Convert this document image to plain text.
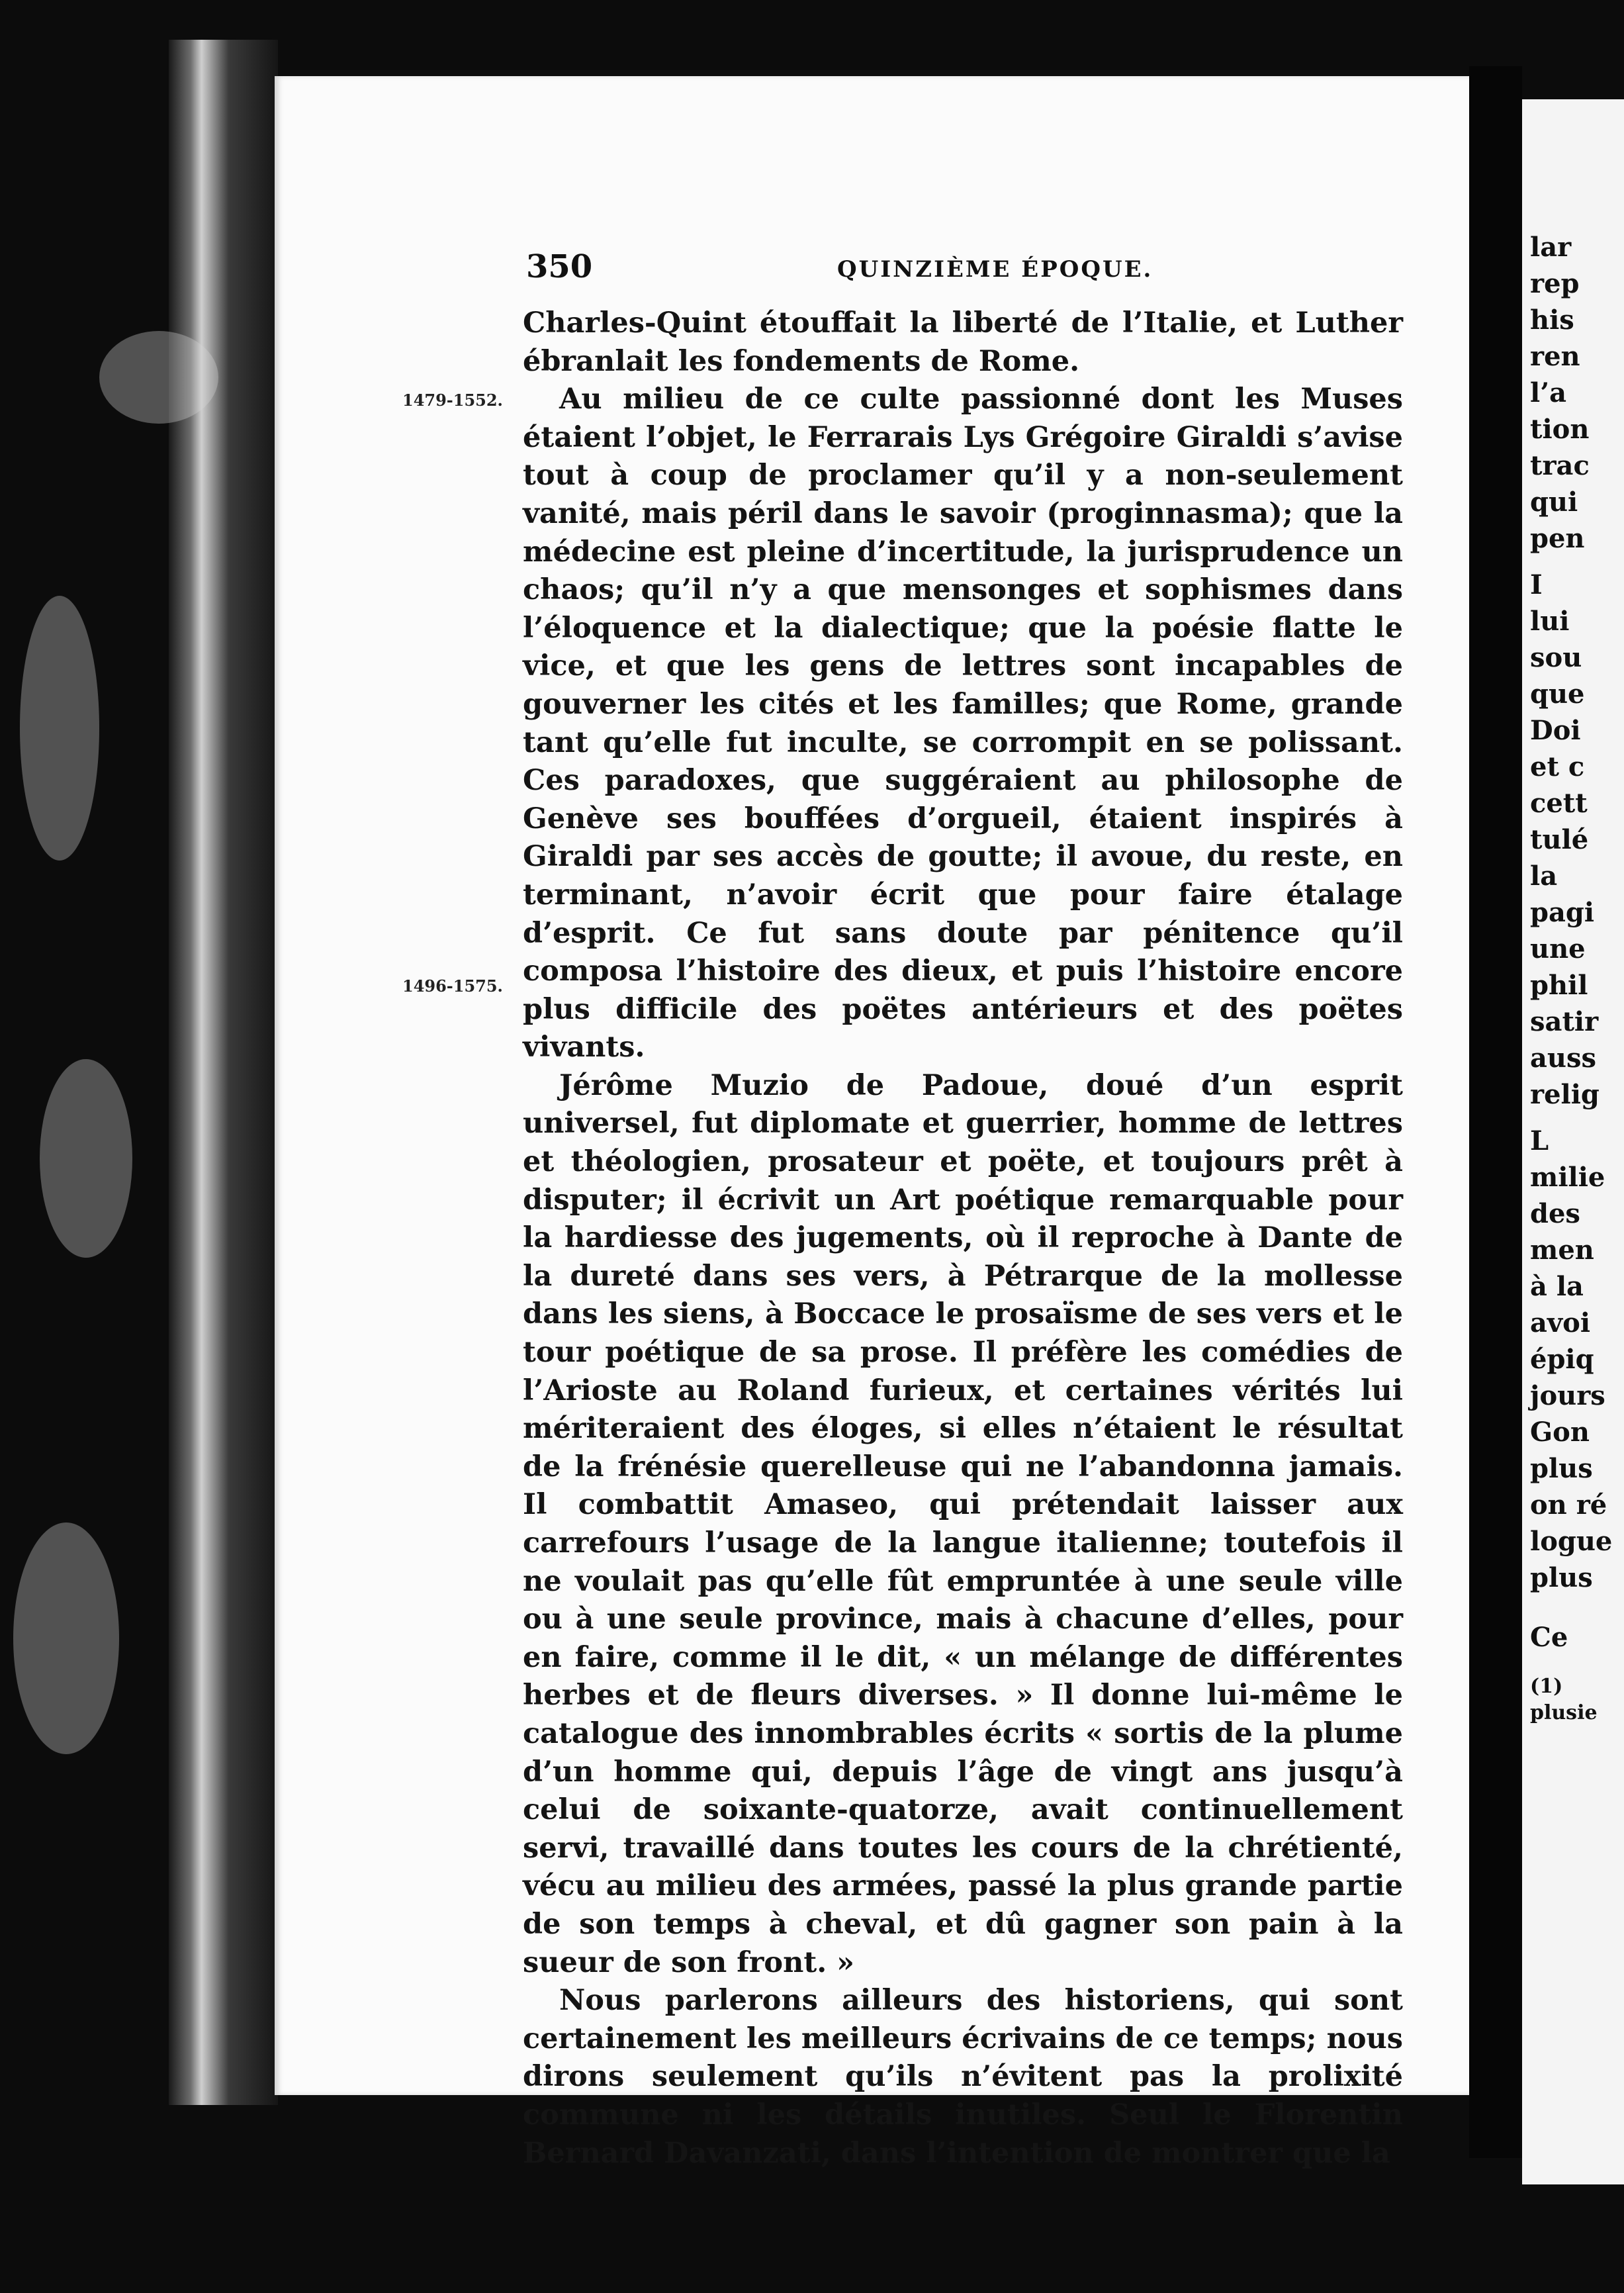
350	QUINZIÈME ÉPOQUE.
1479-1552.
1496-1575.

Charles-Quint étouffait la liberté de l’Italie, et Luther ébranlait les fondements de Rome.

Au milieu de ce culte passionné dont les Muses étaient l’objet, le Ferrarais Lys Grégoire Giraldi s’avise tout à coup de proclamer qu’il y a non-seulement vanité, mais péril dans le savoir (proginnasma); que la médecine est pleine d’incertitude, la jurisprudence un chaos; qu’il n’y a que mensonges et sophismes dans l’éloquence et la dialectique; que la poésie flatte le vice, et que les gens de lettres sont incapables de gouverner les cités et les familles; que Rome, grande tant qu’elle fut inculte, se corrompit en se polissant. Ces paradoxes, que suggéraient au philosophe de Genève ses bouffées d’orgueil, étaient inspirés à Giraldi par ses accès de goutte; il avoue, du reste, en terminant, n’avoir écrit que pour faire étalage d’esprit. Ce fut sans doute par pénitence qu’il composa l’histoire des dieux, et puis l’histoire encore plus difficile des poëtes antérieurs et des poëtes vivants.

Jérôme Muzio de Padoue, doué d’un esprit universel, fut diplomate et guerrier, homme de lettres et théologien, prosateur et poëte, et toujours prêt à disputer; il écrivit un Art poétique remarquable pour la hardiesse des jugements, où il reproche à Dante de la dureté dans ses vers, à Pétrarque de la mollesse dans les siens, à Boccace le prosaïsme de ses vers et le tour poétique de sa prose. Il préfère les comédies de l’Arioste au Roland furieux, et certaines vérités lui mériteraient des éloges, si elles n’étaient le résultat de la frénésie querelleuse qui ne l’abandonna jamais. Il combattit Amaseo, qui prétendait laisser aux carrefours l’usage de la langue italienne; toutefois il ne voulait pas qu’elle fût empruntée à une seule ville ou à une seule province, mais à chacune d’elles, pour en faire, comme il le dit, « un mélange de différentes herbes et de fleurs diverses. » Il donne lui-même le catalogue des innombrables écrits « sortis de la plume d’un homme qui, depuis l’âge de vingt ans jusqu’à celui de soixante-quatorze, avait continuellement servi, travaillé dans toutes les cours de la chrétienté, vécu au milieu des armées, passé la plus grande partie de son temps à cheval, et dû gagner son pain à la sueur de son front. »

Nous parlerons ailleurs des historiens, qui sont certainement les meilleurs écrivains de ce temps; nous dirons seulement qu’ils n’évitent pas la prolixité commune ni les détails inutiles. Seul le Florentin Bernard Davanzati, dans l’intention de montrer que la

lar
rep
his
ren
l’a
tion
trac
qui
pen
I
lui
sou
que
Doi
et c
cett
tulé
la
pagi
une
phil
satir
auss
relig
L
milie
des
men
à la
avoi
épiq
jours
Gon
plus
on ré
logue
plus
Ce
(1)
plusie
